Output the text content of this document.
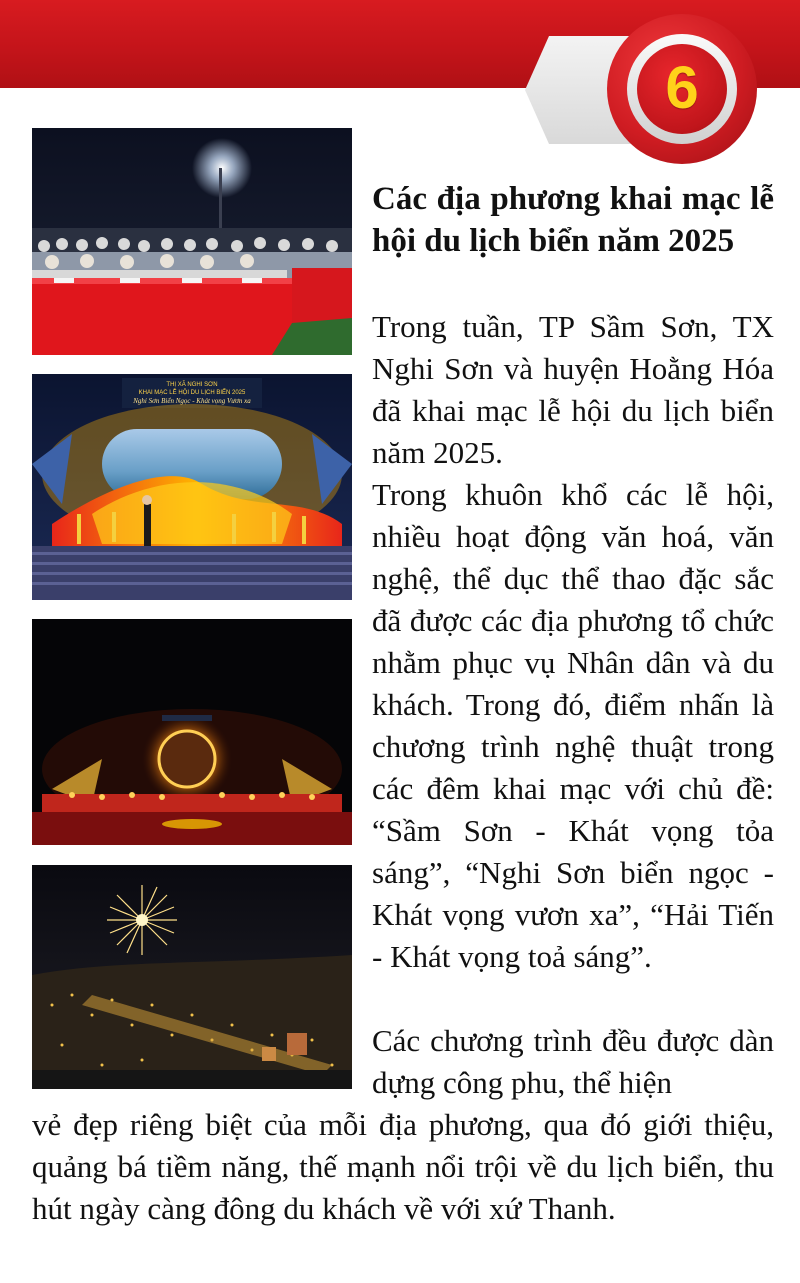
6
THỊ XÃ NGHI SƠN
KHAI MẠC LỄ HỘI DU LỊCH BIỂN 2025
Nghi Sơn Biển Ngọc - Khát vọng Vươn xa
Các địa phương khai mạc lễ hội du lịch biển năm 2025

Trong tuần, TP Sầm Sơn, TX Nghi Sơn và huyện Hoằng Hóa đã khai mạc lễ hội du lịch biển năm 2025.

Trong khuôn khổ các lễ hội, nhiều hoạt động văn hoá, văn nghệ, thể dục thể thao đặc sắc đã được các địa phương tổ chức nhằm phục vụ Nhân dân và du khách. Trong đó, điểm nhấn là chương trình nghệ thuật trong các đêm khai mạc với chủ đề: “Sầm Sơn - Khát vọng tỏa sáng”, “Nghi Sơn biển ngọc - Khát vọng vươn xa”, “Hải Tiến - Khát vọng toả sáng”.

Các chương trình đều được dàn dựng công phu, thể hiện

vẻ đẹp riêng biệt của mỗi địa phương, qua đó giới thiệu, quảng bá tiềm năng, thế mạnh nổi trội về du lịch biển, thu hút ngày càng đông du khách về với xứ Thanh.
